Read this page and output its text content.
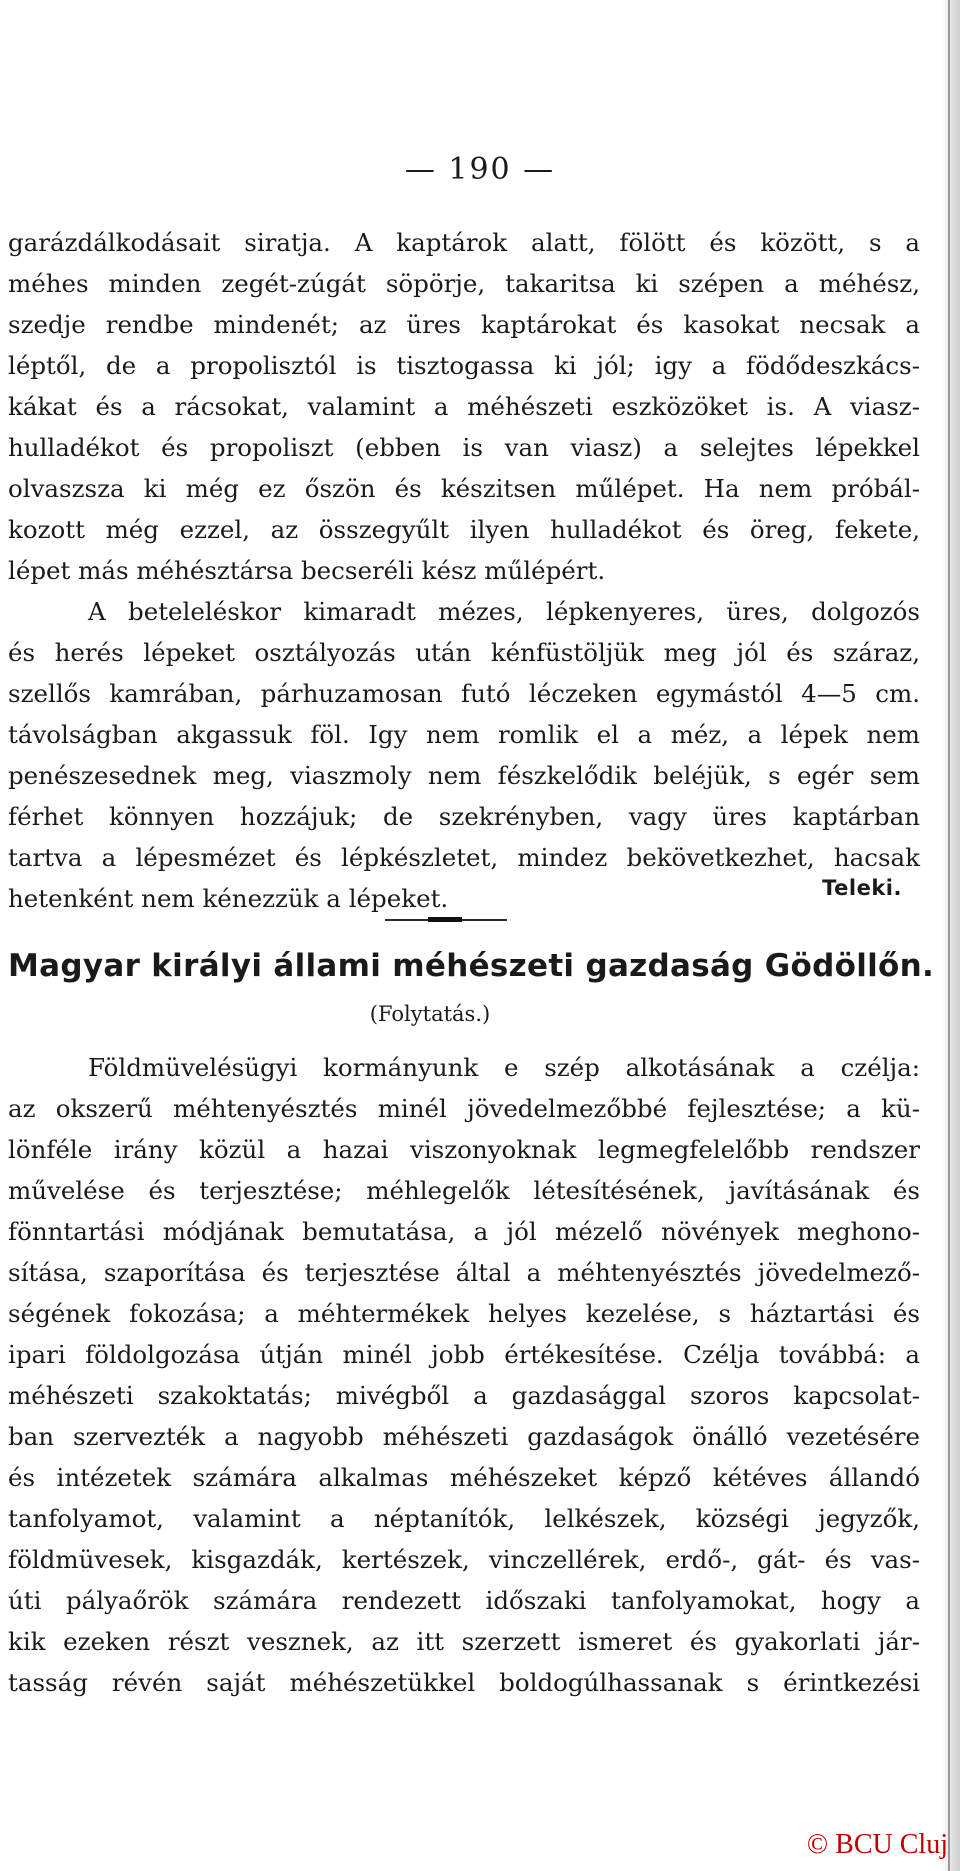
— 190 —
garázdálkodásait siratja. A kaptárok alatt, fölött és között, s a
méhes minden zegét-zúgát söpörje, takaritsa ki szépen a méhész,
szedje rendbe mindenét; az üres kaptárokat és kasokat necsak a
léptől, de a propolisztól is tisztogassa ki jól; igy a födődeszkács-
kákat és a rácsokat, valamint a méhészeti eszközöket is. A viasz-
hulladékot és propoliszt (ebben is van viasz) a selejtes lépekkel
olvaszsza ki még ez őszön és készitsen műlépet. Ha nem próbál-
kozott még ezzel, az összegyűlt ilyen hulladékot és öreg, fekete,
lépet más méhésztársa becseréli kész műlépért.
A beteleléskor kimaradt mézes, lépkenyeres, üres, dolgozós
és herés lépeket osztályozás után kénfüstöljük meg jól és száraz,
szellős kamrában, párhuzamosan futó léczeken egymástól 4—5 cm.
távolságban akgassuk föl. Igy nem romlik el a méz, a lépek nem
penészesednek meg, viaszmoly nem fészkelődik beléjük, s egér sem
férhet könnyen hozzájuk; de szekrényben, vagy üres kaptárban
tartva a lépesmézet és lépkészletet, mindez bekövetkezhet, hacsak
hetenként nem kénezzük a lépeket.	Teleki.
Magyar királyi állami méhészeti gazdaság Gödöllőn.
(Folytatás.)
Földmüvelésügyi kormányunk e szép alkotásának a czélja:
az okszerű méhtenyésztés minél jövedelmezőbbé fejlesztése; a kü-
lönféle irány közül a hazai viszonyoknak legmegfelelőbb rendszer
művelése és terjesztése; méhlegelők létesítésének, javításának és
fönntartási módjának bemutatása, a jól mézelő növények meghono-
sítása, szaporítása és terjesztése által a méhtenyésztés jövedelmező-
ségének fokozása; a méhtermékek helyes kezelése, s háztartási és
ipari földolgozása útján minél jobb értékesítése. Czélja továbbá: a
méhészeti szakoktatás; mivégből a gazdasággal szoros kapcsolat-
ban szervezték a nagyobb méhészeti gazdaságok önálló vezetésére
és intézetek számára alkalmas méhészeket képző kétéves állandó
tanfolyamot, valamint a néptanítók, lelkészek, községi jegyzők,
földmüvesek, kisgazdák, kertészek, vinczellérek, erdő-, gát- és vas-
úti pályaőrök számára rendezett időszaki tanfolyamokat, hogy a
kik ezeken részt vesznek, az itt szerzett ismeret és gyakorlati jár-
tasság révén saját méhészetükkel boldogúlhassanak s érintkezési
© BCU Cluj
